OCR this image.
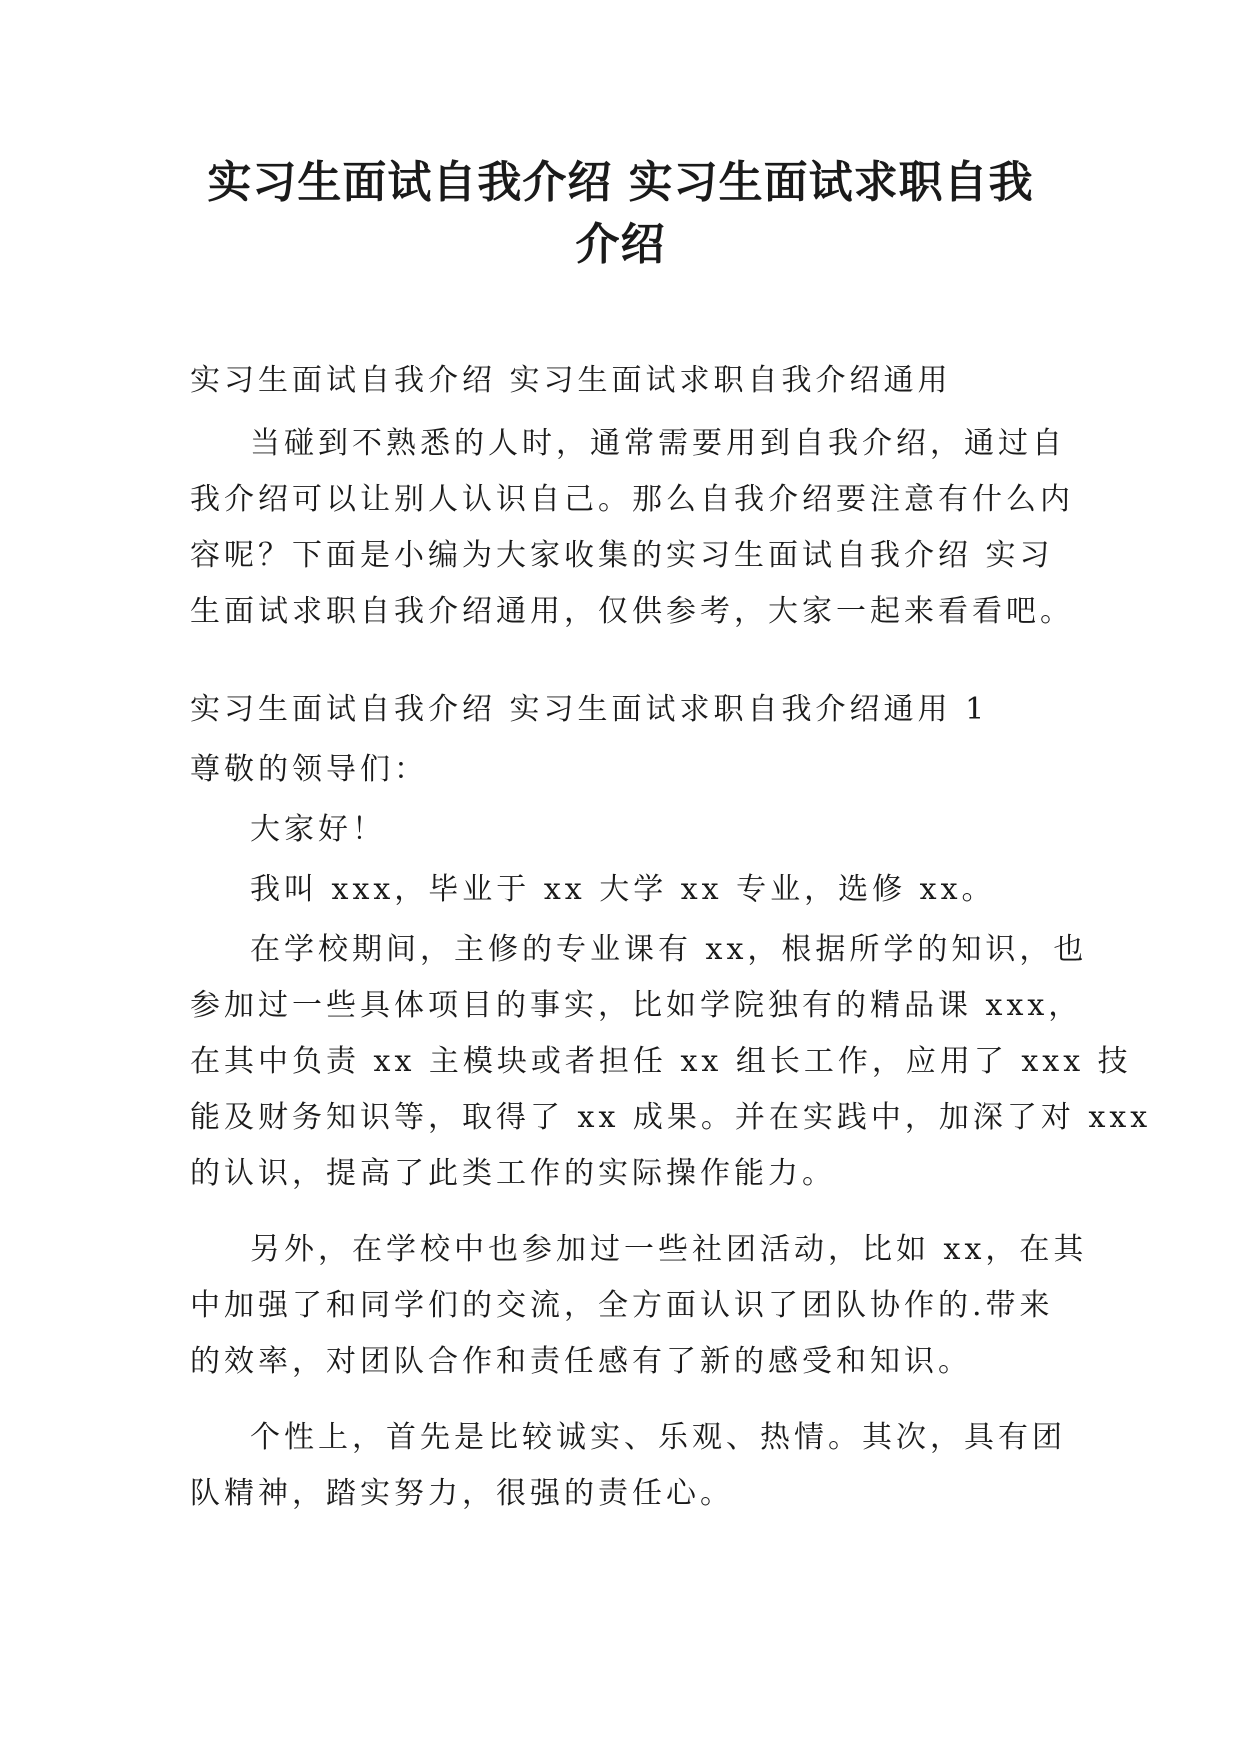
实习生面试自我介绍 实习生面试求职自我
介绍

实习生面试自我介绍 实习生面试求职自我介绍通用

当碰到不熟悉的人时，通常需要用到自我介绍，通过自

我介绍可以让别人认识自己。那么自我介绍要注意有什么内

容呢？下面是小编为大家收集的实习生面试自我介绍 实习

生面试求职自我介绍通用，仅供参考，大家一起来看看吧。

实习生面试自我介绍 实习生面试求职自我介绍通用 1

尊敬的领导们：

大家好！

我叫 xxx，毕业于 xx 大学 xx 专业，选修 xx。

在学校期间，主修的专业课有 xx，根据所学的知识，也

参加过一些具体项目的事实，比如学院独有的精品课 xxx，

在其中负责 xx 主模块或者担任 xx 组长工作，应用了 xxx 技

能及财务知识等，取得了 xx 成果。并在实践中，加深了对 xxx

的认识，提高了此类工作的实际操作能力。

另外，在学校中也参加过一些社团活动，比如 xx，在其

中加强了和同学们的交流，全方面认识了团队协作的.带来

的效率，对团队合作和责任感有了新的感受和知识。

个性上，首先是比较诚实、乐观、热情。其次，具有团

队精神，踏实努力，很强的责任心。
